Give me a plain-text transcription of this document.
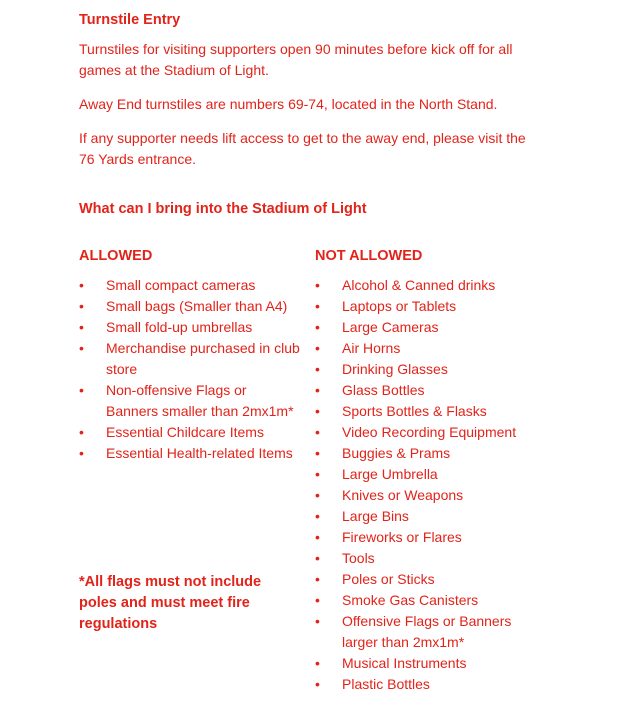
Turnstile Entry

Turnstiles for visiting supporters open 90 minutes before kick off for all games at the Stadium of Light.

Away End turnstiles are numbers 69-74, located in the North Stand.

If any supporter needs lift access to get to the away end, please visit the 76 Yards entrance.

What can I bring into the Stadium of Light
ALLOWED	NOT ALLOWED
• Small compact cameras
• Small bags (Smaller than A4)
• Small fold-up umbrellas
• Merchandise purchased in club store
• Non-offensive Flags or Banners smaller than 2mx1m*
• Essential Childcare Items
• Essential Health-related Items
• Alcohol & Canned drinks
• Laptops or Tablets
• Large Cameras
• Air Horns
• Drinking Glasses
• Glass Bottles
• Sports Bottles & Flasks
• Video Recording Equipment
• Buggies & Prams
• Large Umbrella
• Knives or Weapons
• Large Bins
• Fireworks or Flares
• Tools
• Poles or Sticks
• Smoke Gas Canisters
• Offensive Flags or Banners larger than 2mx1m*
• Musical Instruments
• Plastic Bottles
*All flags must not include poles and must meet fire regulations
